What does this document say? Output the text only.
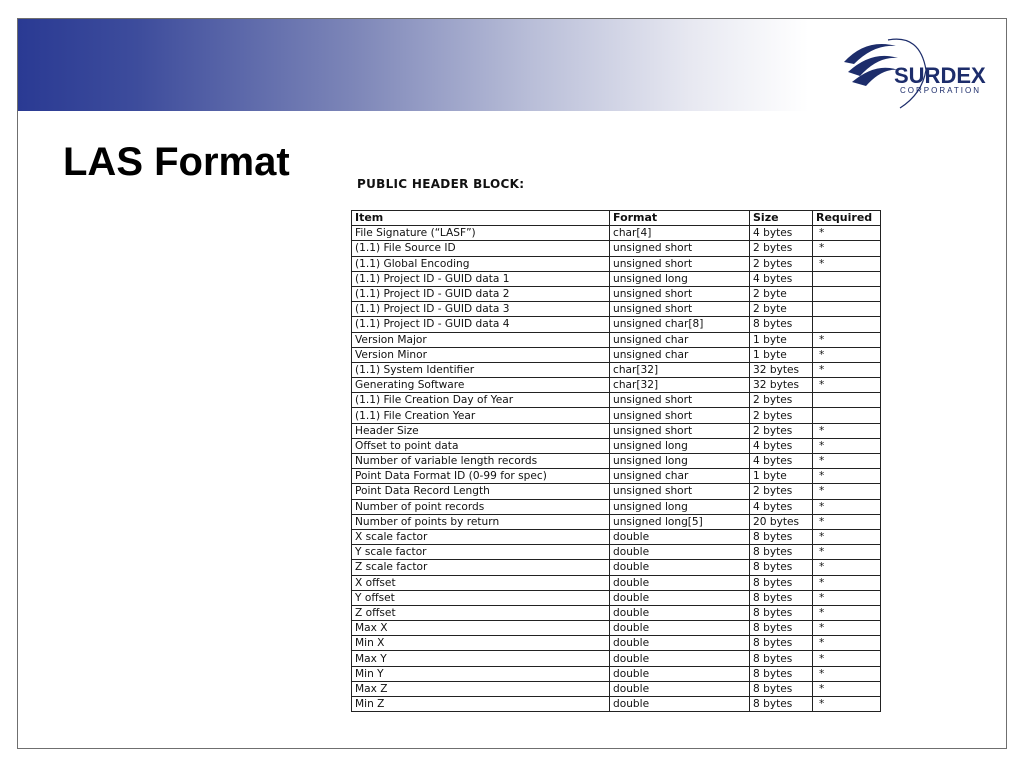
SURDEX
CORPORATION
LAS Format	PUBLIC HEADER BLOCK:
Item	Format	Size	Required
File Signature (“LASF”)	char[4]	4 bytes	*
(1.1) File Source ID	unsigned short	2 bytes	*
(1.1) Global Encoding	unsigned short	2 bytes	*
(1.1) Project ID - GUID data 1	unsigned long	4 bytes	
(1.1) Project ID - GUID data 2	unsigned short	2 byte	
(1.1) Project ID - GUID data 3	unsigned short	2 byte	
(1.1) Project ID - GUID data 4	unsigned char[8]	8 bytes	
Version Major	unsigned char	1 byte	*
Version Minor	unsigned char	1 byte	*
(1.1) System Identifier	char[32]	32 bytes	*
Generating Software	char[32]	32 bytes	*
(1.1) File Creation Day of Year	unsigned short	2 bytes	
(1.1) File Creation Year	unsigned short	2 bytes	
Header Size	unsigned short	2 bytes	*
Offset to point data	unsigned long	4 bytes	*
Number of variable length records	unsigned long	4 bytes	*
Point Data Format ID (0-99 for spec)	unsigned char	1 byte	*
Point Data Record Length	unsigned short	2 bytes	*
Number of point records	unsigned long	4 bytes	*
Number of points by return	unsigned long[5]	20 bytes	*
X scale factor	double	8 bytes	*
Y scale factor	double	8 bytes	*
Z scale factor	double	8 bytes	*
X offset	double	8 bytes	*
Y offset	double	8 bytes	*
Z offset	double	8 bytes	*
Max X	double	8 bytes	*
Min X	double	8 bytes	*
Max Y	double	8 bytes	*
Min Y	double	8 bytes	*
Max Z	double	8 bytes	*
Min Z	double	8 bytes	*
